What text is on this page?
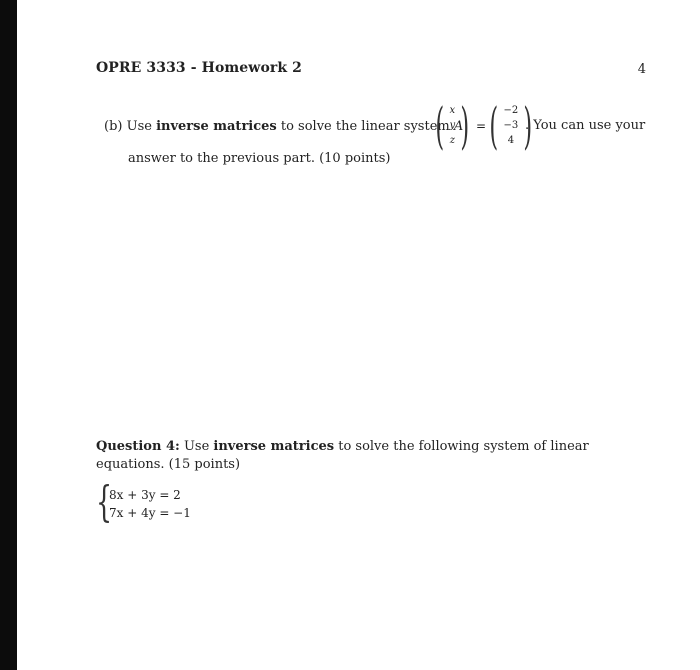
OPRE 3333 - Homework 2	4
(b) Use inverse matrices to solve the linear system A
( x
y
z ) = ( −2
−3
4 )
. You can use your
answer to the previous part. (10 points)
Question 4: Use inverse matrices to solve the following system of linear equations. (15 points)
{
8x + 3y = 2
7x + 4y = −1
